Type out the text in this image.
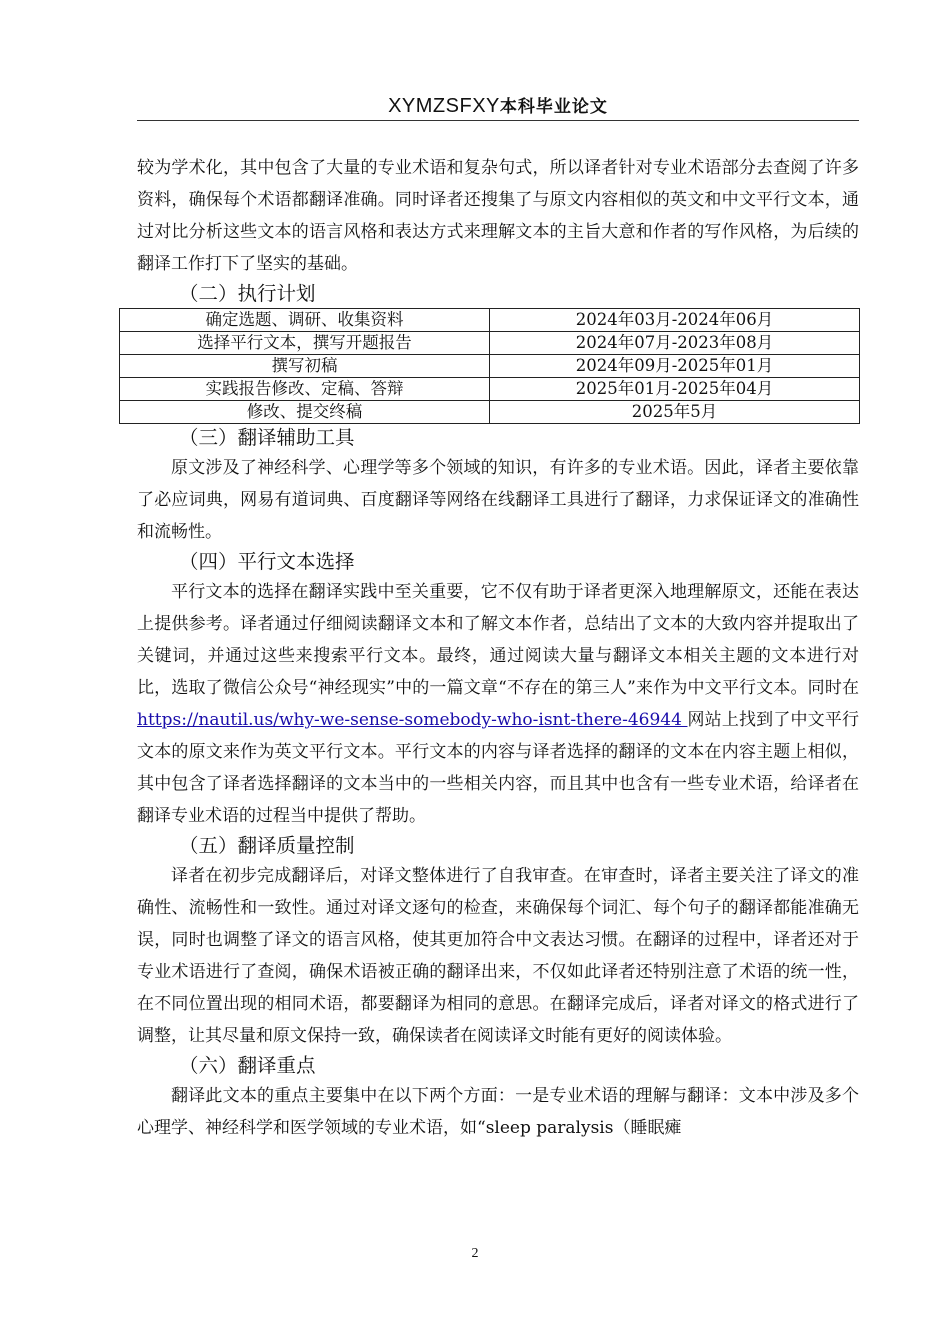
XYMZSFXY本科毕业论文

较为学术化，其中包含了大量的专业术语和复杂句式，所以译者针对专业术语部分去查阅了许多资料，确保每个术语都翻译准确。同时译者还搜集了与原文内容相似的英文和中文平行文本，通过对比分析这些文本的语言风格和表达方式来理解文本的主旨大意和作者的写作风格，为后续的翻译工作打下了坚实的基础。

（二）执行计划
确定选题、调研、收集资料	2024年03月-2024年06月
选择平行文本，撰写开题报告	2024年07月-2023年08月
撰写初稿	2024年09月-2025年01月
实践报告修改、定稿、答辩	2025年01月-2025年04月
修改、提交终稿	2025年5月
（三）翻译辅助工具

原文涉及了神经科学、心理学等多个领域的知识，有许多的专业术语。因此，译者主要依靠了必应词典，网易有道词典、百度翻译等网络在线翻译工具进行了翻译，力求保证译文的准确性和流畅性。

（四）平行文本选择

平行文本的选择在翻译实践中至关重要，它不仅有助于译者更深入地理解原文，还能在表达上提供参考。译者通过仔细阅读翻译文本和了解文本作者，总结出了文本的大致内容并提取出了关键词，并通过这些来搜索平行文本。最终，通过阅读大量与翻译文本相关主题的文本进行对比，选取了微信公众号“神经现实”中的一篇文章“不存在的第三人”来作为中文平行文本。同时在https://nautil.us/why-we-sense-somebody-who-isnt-there-46944 网站上找到了中文平行文本的原文来作为英文平行文本。平行文本的内容与译者选择的翻译的文本在内容主题上相似，其中包含了译者选择翻译的文本当中的一些相关内容，而且其中也含有一些专业术语，给译者在翻译专业术语的过程当中提供了帮助。

（五）翻译质量控制

译者在初步完成翻译后，对译文整体进行了自我审查。在审查时，译者主要关注了译文的准确性、流畅性和一致性。通过对译文逐句的检查，来确保每个词汇、每个句子的翻译都能准确无误，同时也调整了译文的语言风格，使其更加符合中文表达习惯。在翻译的过程中，译者还对于专业术语进行了查阅，确保术语被正确的翻译出来，不仅如此译者还特别注意了术语的统一性，在不同位置出现的相同术语，都要翻译为相同的意思。在翻译完成后，译者对译文的格式进行了调整，让其尽量和原文保持一致，确保读者在阅读译文时能有更好的阅读体验。

（六）翻译重点

翻译此文本的重点主要集中在以下两个方面：一是专业术语的理解与翻译：文本中涉及多个心理学、神经科学和医学领域的专业术语，如“sleep paralysis（睡眠瘫

2
